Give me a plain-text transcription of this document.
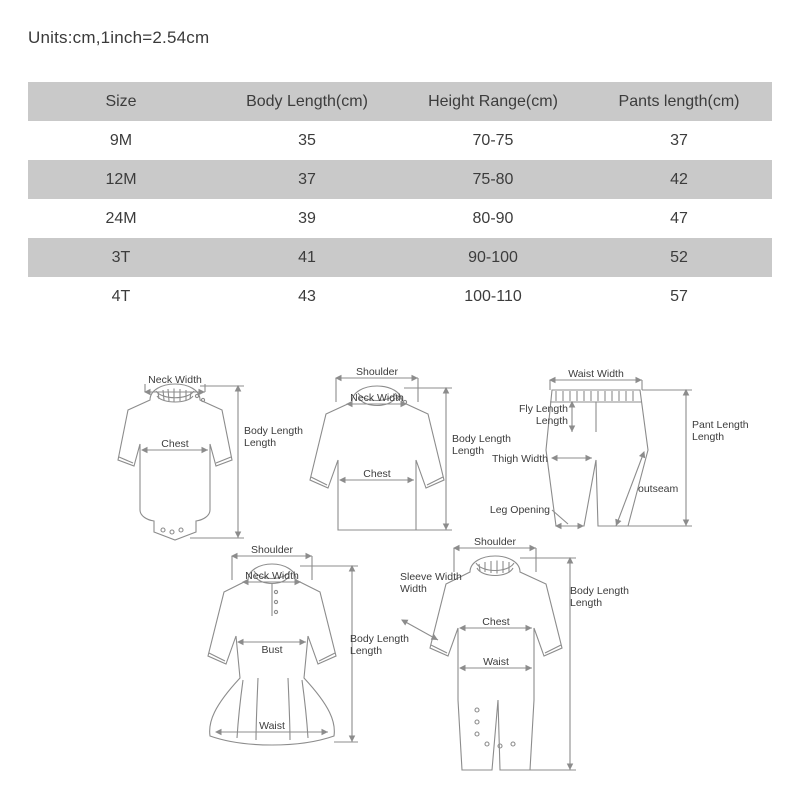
Units:cm,1inch=2.54cm
Size	Body Length(cm)	Height Range(cm)	Pants length(cm)
9M	35	70-75	37
12M	37	75-80	42
24M	39	80-90	47
3T	41	90-100	52
4T	43	100-110	57
Neck Width
Chest
Body Length
Length
Shoulder
Neck Width
Chest
Body Length
Length
Waist Width
Fly Length
Length
Thigh Width
Leg Opening
outseam
Pant Length
Length
Shoulder
Neck Width
Bust
Waist
Body Length
Length
Shoulder
Sleeve Width
Width
Chest
Waist
Body Length
Length
